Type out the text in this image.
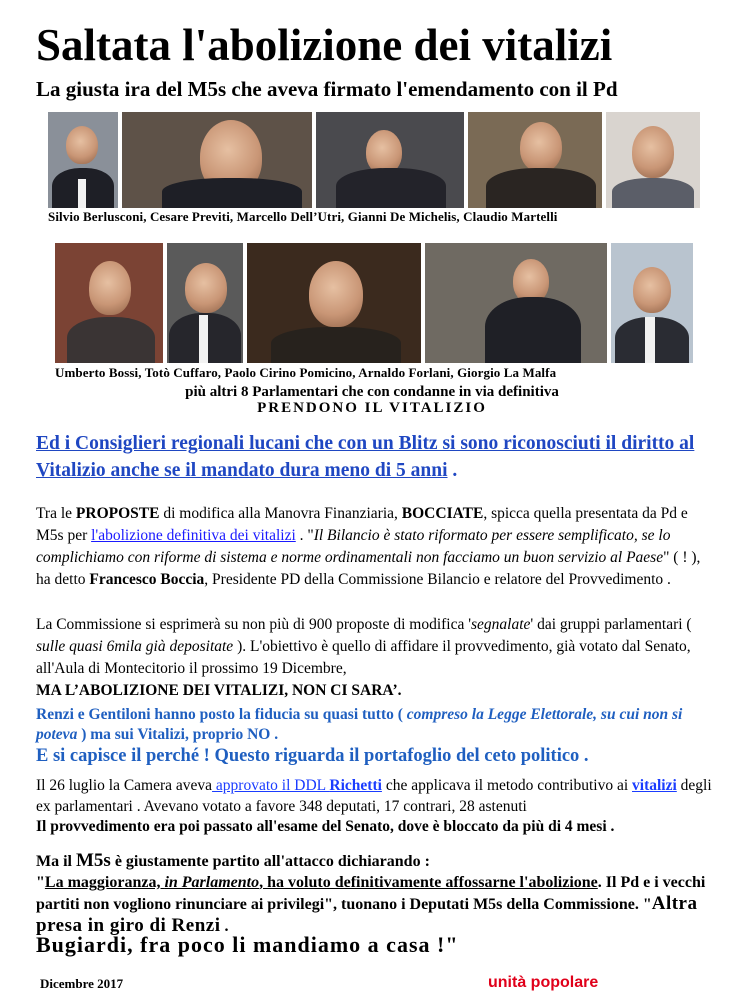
Saltata l'abolizione dei vitalizi
La giusta ira del M5s che aveva firmato l'emendamento con il Pd
Silvio Berlusconi, Cesare Previti, Marcello Dell’Utri, Gianni De Michelis, Claudio Martelli
Umberto Bossi, Totò Cuffaro, Paolo Cirino Pomicino, Arnaldo Forlani, Giorgio La Malfa
più altri 8 Parlamentari che con condanne in via definitiva
PRENDONO IL VITALIZIO
Ed i Consiglieri regionali lucani che con un Blitz si sono riconosciuti il diritto al Vitalizio anche se il mandato dura meno di 5 anni .
Tra le PROPOSTE di modifica alla Manovra Finanziaria, BOCCIATE, spicca quella presentata da Pd e M5s per l'abolizione definitiva dei vitalizi . "Il Bilancio è stato riformato per essere semplificato, se lo complichiamo con riforme di sistema e norme ordinamentali non facciamo un buon servizio al Paese" ( ! ), ha detto Francesco Boccia, Presidente PD della Commissione Bilancio e relatore del Provvedimento .
La Commissione si esprimerà su non più di 900 proposte di modifica 'segnalate' dai gruppi parlamentari ( sulle quasi 6mila già depositate ). L'obiettivo è quello di affidare il provvedimento, già votato dal Senato, all'Aula di Montecitorio il prossimo 19 Dicembre,
MA L’ABOLIZIONE DEI VITALIZI, NON CI SARA’.
Renzi e Gentiloni hanno posto la fiducia su quasi tutto ( compreso la Legge Elettorale, su cui non si poteva ) ma sui Vitalizi, proprio NO .
E si capisce il perché ! Questo riguarda il portafoglio del ceto politico .
Il 26 luglio la Camera aveva approvato il DDL Richetti che applicava il metodo contributivo ai vitalizi degli ex parlamentari . Avevano votato a favore 348 deputati, 17 contrari, 28 astenuti
Il provvedimento era poi passato all'esame del Senato, dove è bloccato da più di 4 mesi .
Ma il M5s è giustamente partito all'attacco dichiarando :
"La maggioranza, in Parlamento, ha voluto definitivamente affossarne l'abolizione. Il Pd e i vecchi partiti non vogliono rinunciare ai privilegi", tuonano i Deputati M5s della Commissione. "Altra presa in giro di Renzi .
Bugiardi, fra poco li mandiamo a casa !"
Dicembre 2017	unità popolare
